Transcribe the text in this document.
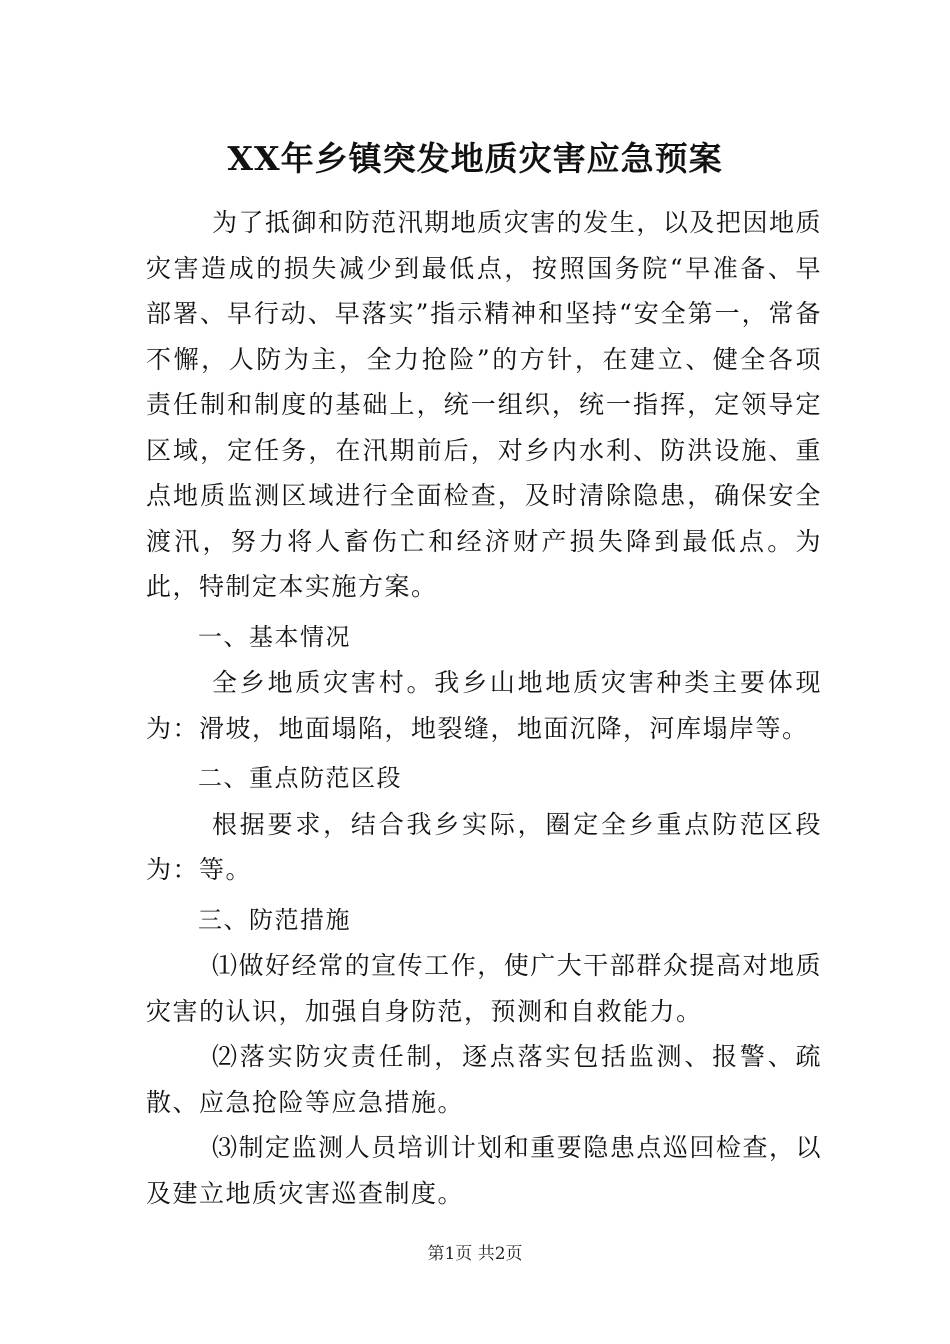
XX年乡镇突发地质灾害应急预案

为了抵御和防范汛期地质灾害的发生，以及把因地质灾害造成的损失减少到最低点，按照国务院“早准备、早部署、早行动、早落实”指示精神和坚持“安全第一，常备不懈，人防为主，全力抢险”的方针，在建立、健全各项责任制和制度的基础上，统一组织，统一指挥，定领导定区域，定任务，在汛期前后，对乡内水利、防洪设施、重点地质监测区域进行全面检查，及时清除隐患，确保安全渡汛，努力将人畜伤亡和经济财产损失降到最低点。为此，特制定本实施方案。

一、基本情况

全乡地质灾害村。我乡山地地质灾害种类主要体现为：滑坡，地面塌陷，地裂缝，地面沉降，河库塌岸等。

二、重点防范区段

根据要求，结合我乡实际，圈定全乡重点防范区段为：等。

三、防范措施

⑴做好经常的宣传工作，使广大干部群众提高对地质灾害的认识，加强自身防范，预测和自救能力。

⑵落实防灾责任制，逐点落实包括监测、报警、疏散、应急抢险等应急措施。

⑶制定监测人员培训计划和重要隐患点巡回检查，以及建立地质灾害巡查制度。

第1页 共2页
